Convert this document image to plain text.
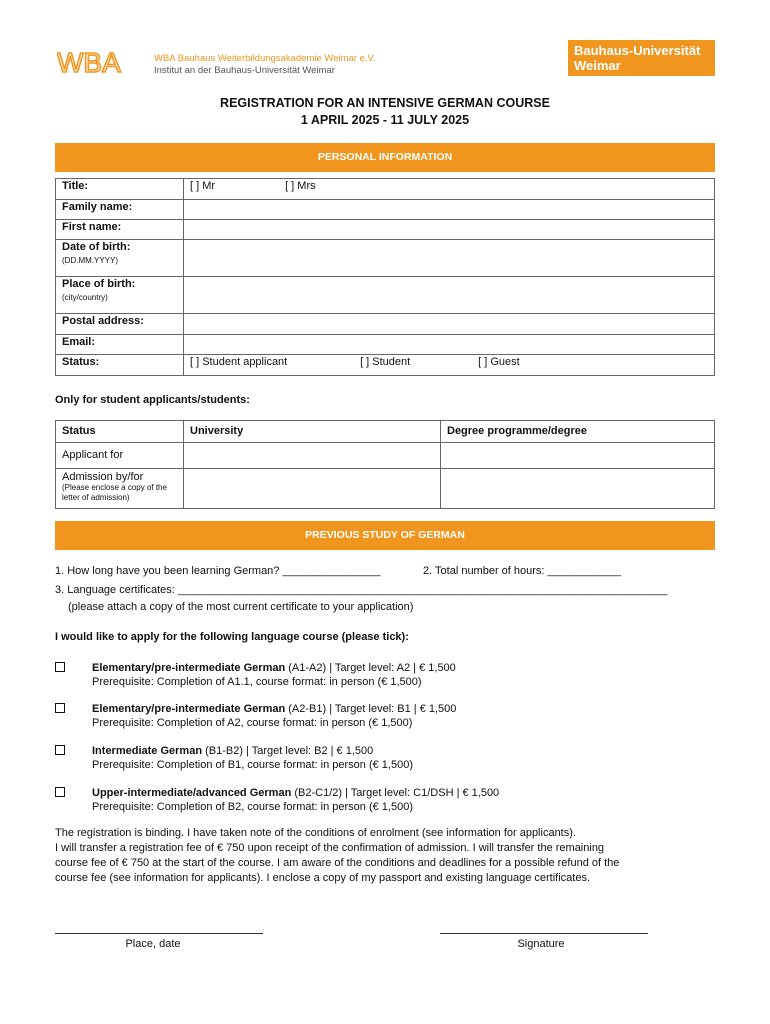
WBA	WBA Bauhaus Weiterbildungsakademie Weimar e.V.
Institut an der Bauhaus-Universität Weimar
Bauhaus-Universität
Weimar
REGISTRATION FOR AN INTENSIVE GERMAN COURSE
1 APRIL 2025 - 11 JULY 2025
PERSONAL INFORMATION
Title:	[ ] Mr [ ] Mrs
Family name:	
First name:	
Date of birth:
(DD.MM.YYYY)	

Place of birth:
(city/country)	

Postal address:	
Email:	
Status:	[ ] Student applicant [ ] Student [ ] Guest
Only for student applicants/students:
Status	University	Degree programme/degree
Applicant for		
Admission by/for
(Please enclose a copy of the letter of admission)		

PREVIOUS STUDY OF GERMAN
1. How long have you been learning German? ________________	2. Total number of hours: ____________
3. Language certificates: ________________________________________________________________________________
(please attach a copy of the most current certificate to your application)
I would like to apply for the following language course (please tick):
Elementary/pre-intermediate German (A1-A2) | Target level: A2 | € 1,500
Prerequisite: Completion of A1.1, course format: in person (€ 1,500)
Elementary/pre-intermediate German (A2-B1) | Target level: B1 | € 1,500
Prerequisite: Completion of A2, course format: in person (€ 1,500)
Intermediate German (B1-B2) | Target level: B2 | € 1,500
Prerequisite: Completion of B1, course format: in person (€ 1,500)
Upper-intermediate/advanced German (B2-C1/2) | Target level: C1/DSH | € 1,500
Prerequisite: Completion of B2, course format: in person (€ 1,500)
The registration is binding. I have taken note of the conditions of enrolment (see information for applicants).
I will transfer a registration fee of € 750 upon receipt of the confirmation of admission. I will transfer the remaining
course fee of € 750 at the start of the course. I am aware of the conditions and deadlines for a possible refund of the
course fee (see information for applicants). I enclose a copy of my passport and existing language certificates.
Place, date	Signature
